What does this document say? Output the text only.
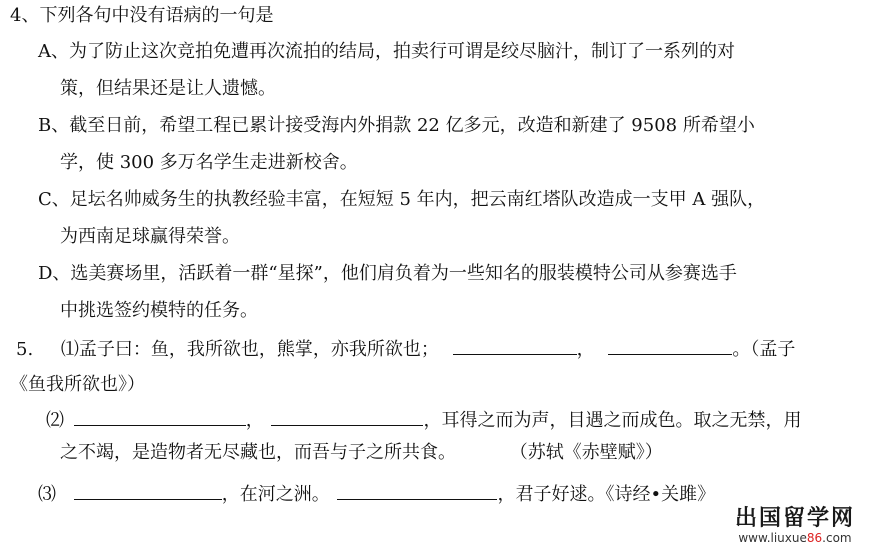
4、下列各句中没有语病的一句是
A、为了防止这次竞拍免遭再次流拍的结局，拍卖行可谓是绞尽脑汁，制订了一系列的对
策，但结果还是让人遗憾。
B、截至日前，希望工程已累计接受海内外捐款 22 亿多元，改造和新建了 9508 所希望小
学，使 300 多万名学生走进新校舍。
C、足坛名帅威务生的执教经验丰富，在短短 5 年内，把云南红塔队改造成一支甲 A 强队，
为西南足球赢得荣誉。
D、选美赛场里，活跃着一群“星探”，他们肩负着为一些知名的服装模特公司从参赛选手
中挑选签约模特的任务。
5. ⑴孟子曰：鱼，我所欲也，熊掌，亦我所欲也；	，	。（孟子
《鱼我所欲也》）
⑵	，	，耳得之而为声，目遇之而成色。取之无禁，用
之不竭，是造物者无尽藏也，而吾与子之所共食。	（苏轼《赤壁赋》）
⑶	，在河之洲。	，君子好逑。《诗经•关雎》
出国留学网
www.liuxue86.com
